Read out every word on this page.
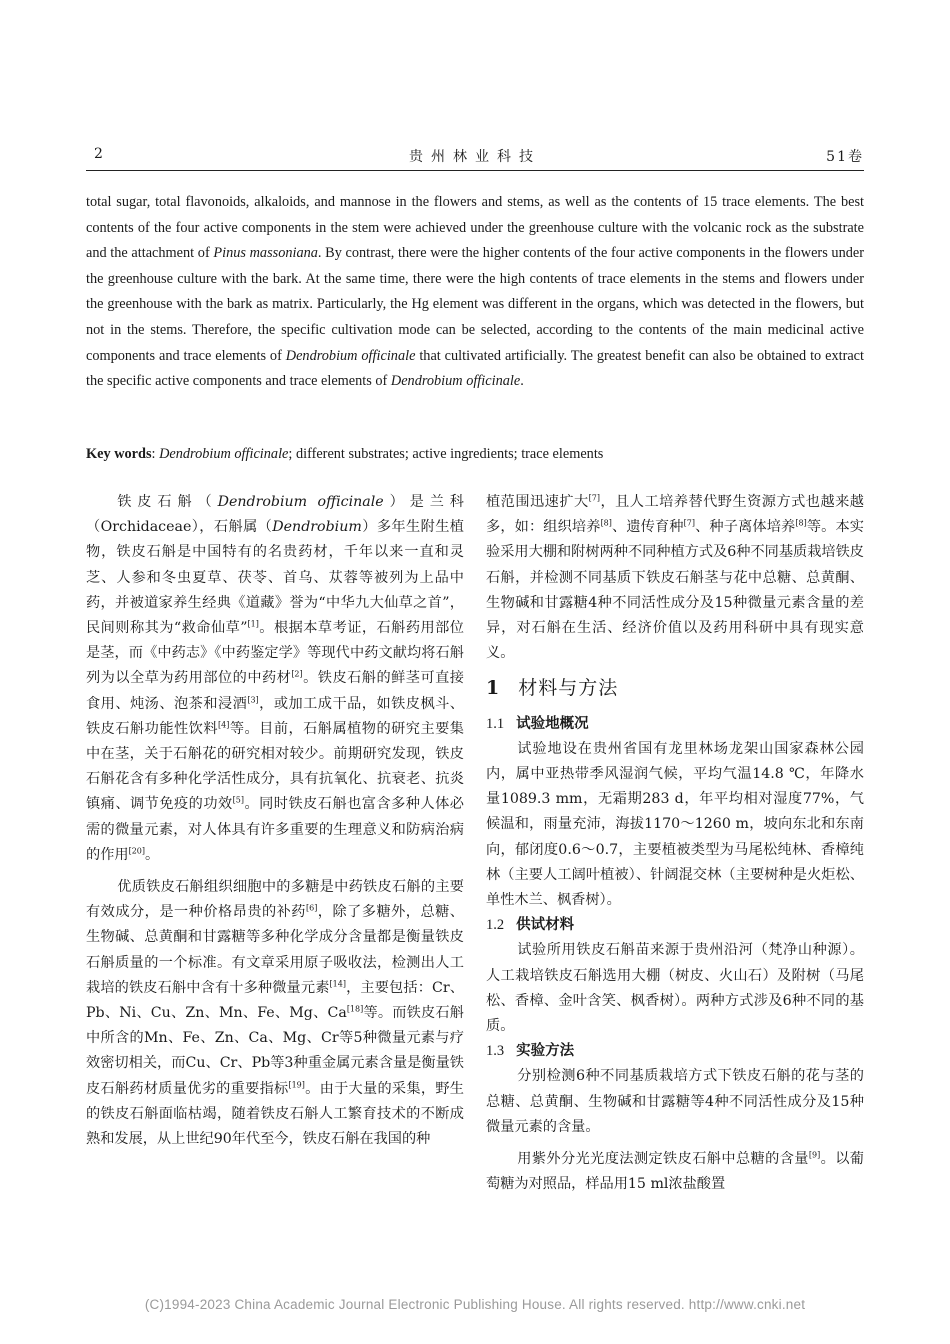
2	贵州林业科技	51卷
total sugar, total flavonoids, alkaloids, and mannose in the flowers and stems, as well as the contents of 15 trace elements. The best contents of the four active components in the stem were achieved under the greenhouse culture with the volcanic rock as the substrate and the attachment of Pinus massoniana. By contrast, there were the higher contents of the four active components in the flowers under the greenhouse culture with the bark. At the same time, there were the high contents of trace elements in the stems and flowers under the greenhouse with the bark as matrix. Particularly, the Hg element was different in the organs, which was detected in the flowers, but not in the stems. Therefore, the specific cultivation mode can be selected, according to the contents of the main medicinal active components and trace elements of Dendrobium officinale that cultivated artificially. The greatest benefit can also be obtained to extract the specific active components and trace elements of Dendrobium officinale.
Key words: Dendrobium officinale; different substrates; active ingredients; trace elements

铁皮石斛（Dendrobium officinale）是兰科（Orchidaceae），石斛属（Dendrobium）多年生附生植物，铁皮石斛是中国特有的名贵药材，千年以来一直和灵芝、人参和冬虫夏草、茯苓、首乌、苁蓉等被列为上品中药，并被道家养生经典《道藏》誉为“中华九大仙草之首”，民间则称其为“救命仙草”[1]。根据本草考证，石斛药用部位是茎，而《中药志》《中药鉴定学》等现代中药文献均将石斛列为以全草为药用部位的中药材[2]。铁皮石斛的鲜茎可直接食用、炖汤、泡茶和浸酒[3]，或加工成干品，如铁皮枫斗、铁皮石斛功能性饮料[4]等。目前，石斛属植物的研究主要集中在茎，关于石斛花的研究相对较少。前期研究发现，铁皮石斛花含有多种化学活性成分，具有抗氧化、抗衰老、抗炎镇痛、调节免疫的功效[5]。同时铁皮石斛也富含多种人体必需的微量元素，对人体具有许多重要的生理意义和防病治病的作用[20]。

优质铁皮石斛组织细胞中的多糖是中药铁皮石斛的主要有效成分，是一种价格昂贵的补药[6]，除了多糖外，总糖、生物碱、总黄酮和甘露糖等多种化学成分含量都是衡量铁皮石斛质量的一个标准。有文章采用原子吸收法，检测出人工栽培的铁皮石斛中含有十多种微量元素[14]，主要包括：Cr、Pb、Ni、Cu、Zn、Mn、Fe、Mg、Ca[18]等。而铁皮石斛中所含的Mn、Fe、Zn、Ca、Mg、Cr等5种微量元素与疗效密切相关，而Cu、Cr、Pb等3种重金属元素含量是衡量铁皮石斛药材质量优劣的重要指标[19]。由于大量的采集，野生的铁皮石斛面临枯竭，随着铁皮石斛人工繁育技术的不断成熟和发展，从上世纪90年代至今，铁皮石斛在我国的种

植范围迅速扩大[7]，且人工培养替代野生资源方式也越来越多，如：组织培养[8]、遗传育种[7]、种子离体培养[8]等。本实验采用大棚和附树两种不同种植方式及6种不同基质栽培铁皮石斛，并检测不同基质下铁皮石斛茎与花中总糖、总黄酮、生物碱和甘露糖4种不同活性成分及15种微量元素含量的差异，对石斛在生活、经济价值以及药用科研中具有现实意义。

1 材料与方法
1.1 试验地概况

试验地设在贵州省国有龙里林场龙架山国家森林公园内，属中亚热带季风湿润气候，平均气温14.8 ℃，年降水量1089.3 mm，无霜期283 d，年平均相对湿度77%，气候温和，雨量充沛，海拔1170～1260 m，坡向东北和东南向，郁闭度0.6～0.7，主要植被类型为马尾松纯林、香樟纯林（主要人工阔叶植被）、针阔混交林（主要树种是火炬松、单性木兰、枫香树）。

1.2 供试材料

试验所用铁皮石斛苗来源于贵州沿河（梵净山种源）。人工栽培铁皮石斛选用大棚（树皮、火山石）及附树（马尾松、香樟、金叶含笑、枫香树）。两种方式涉及6种不同的基质。

1.3 实验方法

分别检测6种不同基质栽培方式下铁皮石斛的花与茎的总糖、总黄酮、生物碱和甘露糖等4种不同活性成分及15种微量元素的含量。

用紫外分光光度法测定铁皮石斛中总糖的含量[9]。以葡萄糖为对照品，样品用15 ml浓盐酸置

(C)1994-2023 China Academic Journal Electronic Publishing House. All rights reserved. http://www.cnki.net
